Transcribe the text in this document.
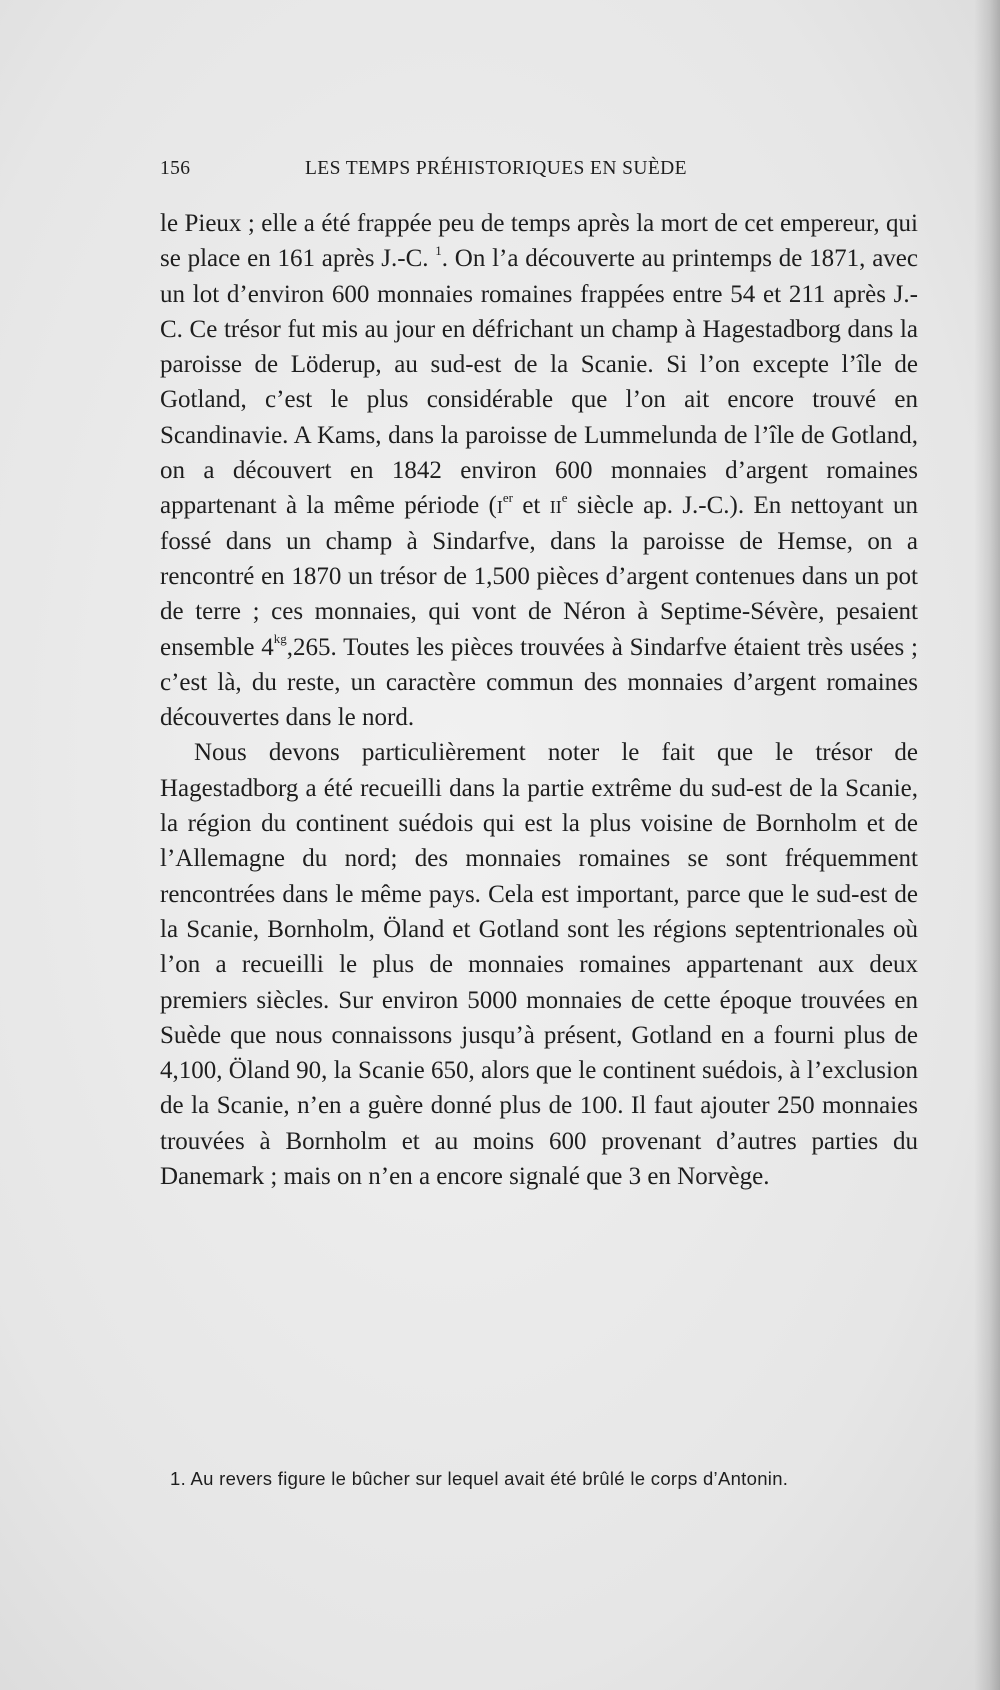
156	LES TEMPS PRÉHISTORIQUES EN SUÈDE

le Pieux ; elle a été frappée peu de temps après la mort de cet empereur, qui se place en 161 après J.-C. $^1$. On l’a découverte au printemps de 1871, avec un lot d’environ 600 monnaies romaines frappées entre 54 et 211 après J.-C. Ce trésor fut mis au jour en défrichant un champ à Hagestadborg dans la paroisse de Löderup, au sud-est de la Scanie. Si l’on excepte l’île de Gotland, c’est le plus considérable que l’on ait encore trouvé en Scandinavie. A Kams, dans la paroisse de Lummelunda de l’île de Gotland, on a découvert en 1842 environ 600 monnaies d’argent romaines appartenant à la même période ($i^{er}$ et $ii^e$ siècle ap. J.-C.). En nettoyant un fossé dans un champ à Sindarfve, dans la paroisse de Hemse, on a rencontré en 1870 un trésor de 1,500 pièces d’argent contenues dans un pot de terre ; ces monnaies, qui vont de Néron à Septime-Sévère, pesaient ensemble $4^{kg},265$. Toutes les pièces trouvées à Sindarfve étaient très usées ; c’est là, du reste, un caractère commun des monnaies d’argent romaines découvertes dans le nord.

Nous devons particulièrement noter le fait que le trésor de Hagestadborg a été recueilli dans la partie extrême du sud-est de la Scanie, la région du continent suédois qui est la plus voisine de Bornholm et de l’Allemagne du nord; des monnaies romaines se sont fréquemment rencontrées dans le même pays. Cela est important, parce que le sud-est de la Scanie, Bornholm, Öland et Gotland sont les régions septentrionales où l’on a recueilli le plus de monnaies romaines appartenant aux deux premiers siècles. Sur environ 5000 monnaies de cette époque trouvées en Suède que nous connaissons jusqu’à présent, Gotland en a fourni plus de 4,100, Öland 90, la Scanie 650, alors que le continent suédois, à l’exclusion de la Scanie, n’en a guère donné plus de 100. Il faut ajouter 250 monnaies trouvées à Bornholm et au moins 600 provenant d’autres parties du Danemark ; mais on n’en a encore signalé que 3 en Norvège.

1. Au revers figure le bûcher sur lequel avait été brûlé le corps d’Antonin.
